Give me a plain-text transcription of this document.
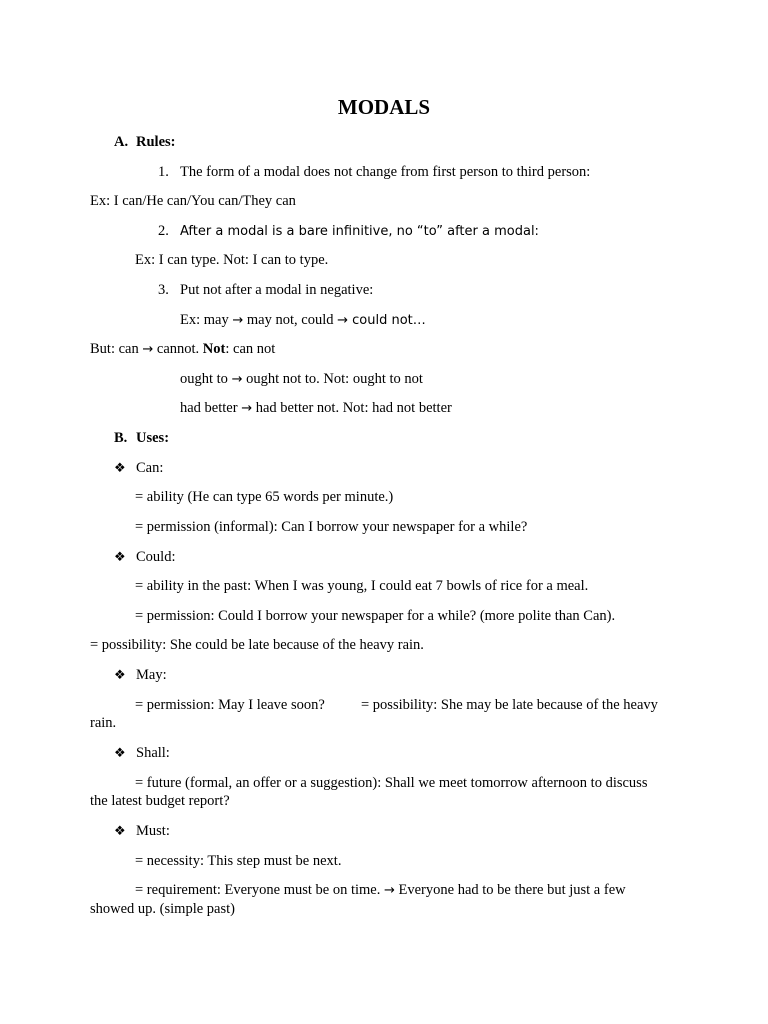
MODALS
A. Rules:
1. The form of a modal does not change from first person to third person:
Ex: I can/He can/You can/They can
2. After a modal is a bare infinitive, no “to” after a modal:
Ex: I can type. Not: I can to type.
3. Put not after a modal in negative:
Ex: may → may not, could → could not…
But: can → cannot. Not: can not
ought to → ought not to. Not: ought to not
had better → had better not. Not: had not better
B. Uses:
❖ Can:
= ability (He can type 65 words per minute.)
= permission (informal): Can I borrow your newspaper for a while?
❖ Could:
= ability in the past: When I was young, I could eat 7 bowls of rice for a meal.
= permission: Could I borrow your newspaper for a while? (more polite than Can).
= possibility: She could be late because of the heavy rain.
❖ May:
= permission: May I leave soon? = possibility: She may be late because of the heavy
rain.
❖ Shall:
= future (formal, an offer or a suggestion): Shall we meet tomorrow afternoon to discuss
the latest budget report?
❖ Must:
= necessity: This step must be next.
= requirement: Everyone must be on time. → Everyone had to be there but just a few
showed up. (simple past)
